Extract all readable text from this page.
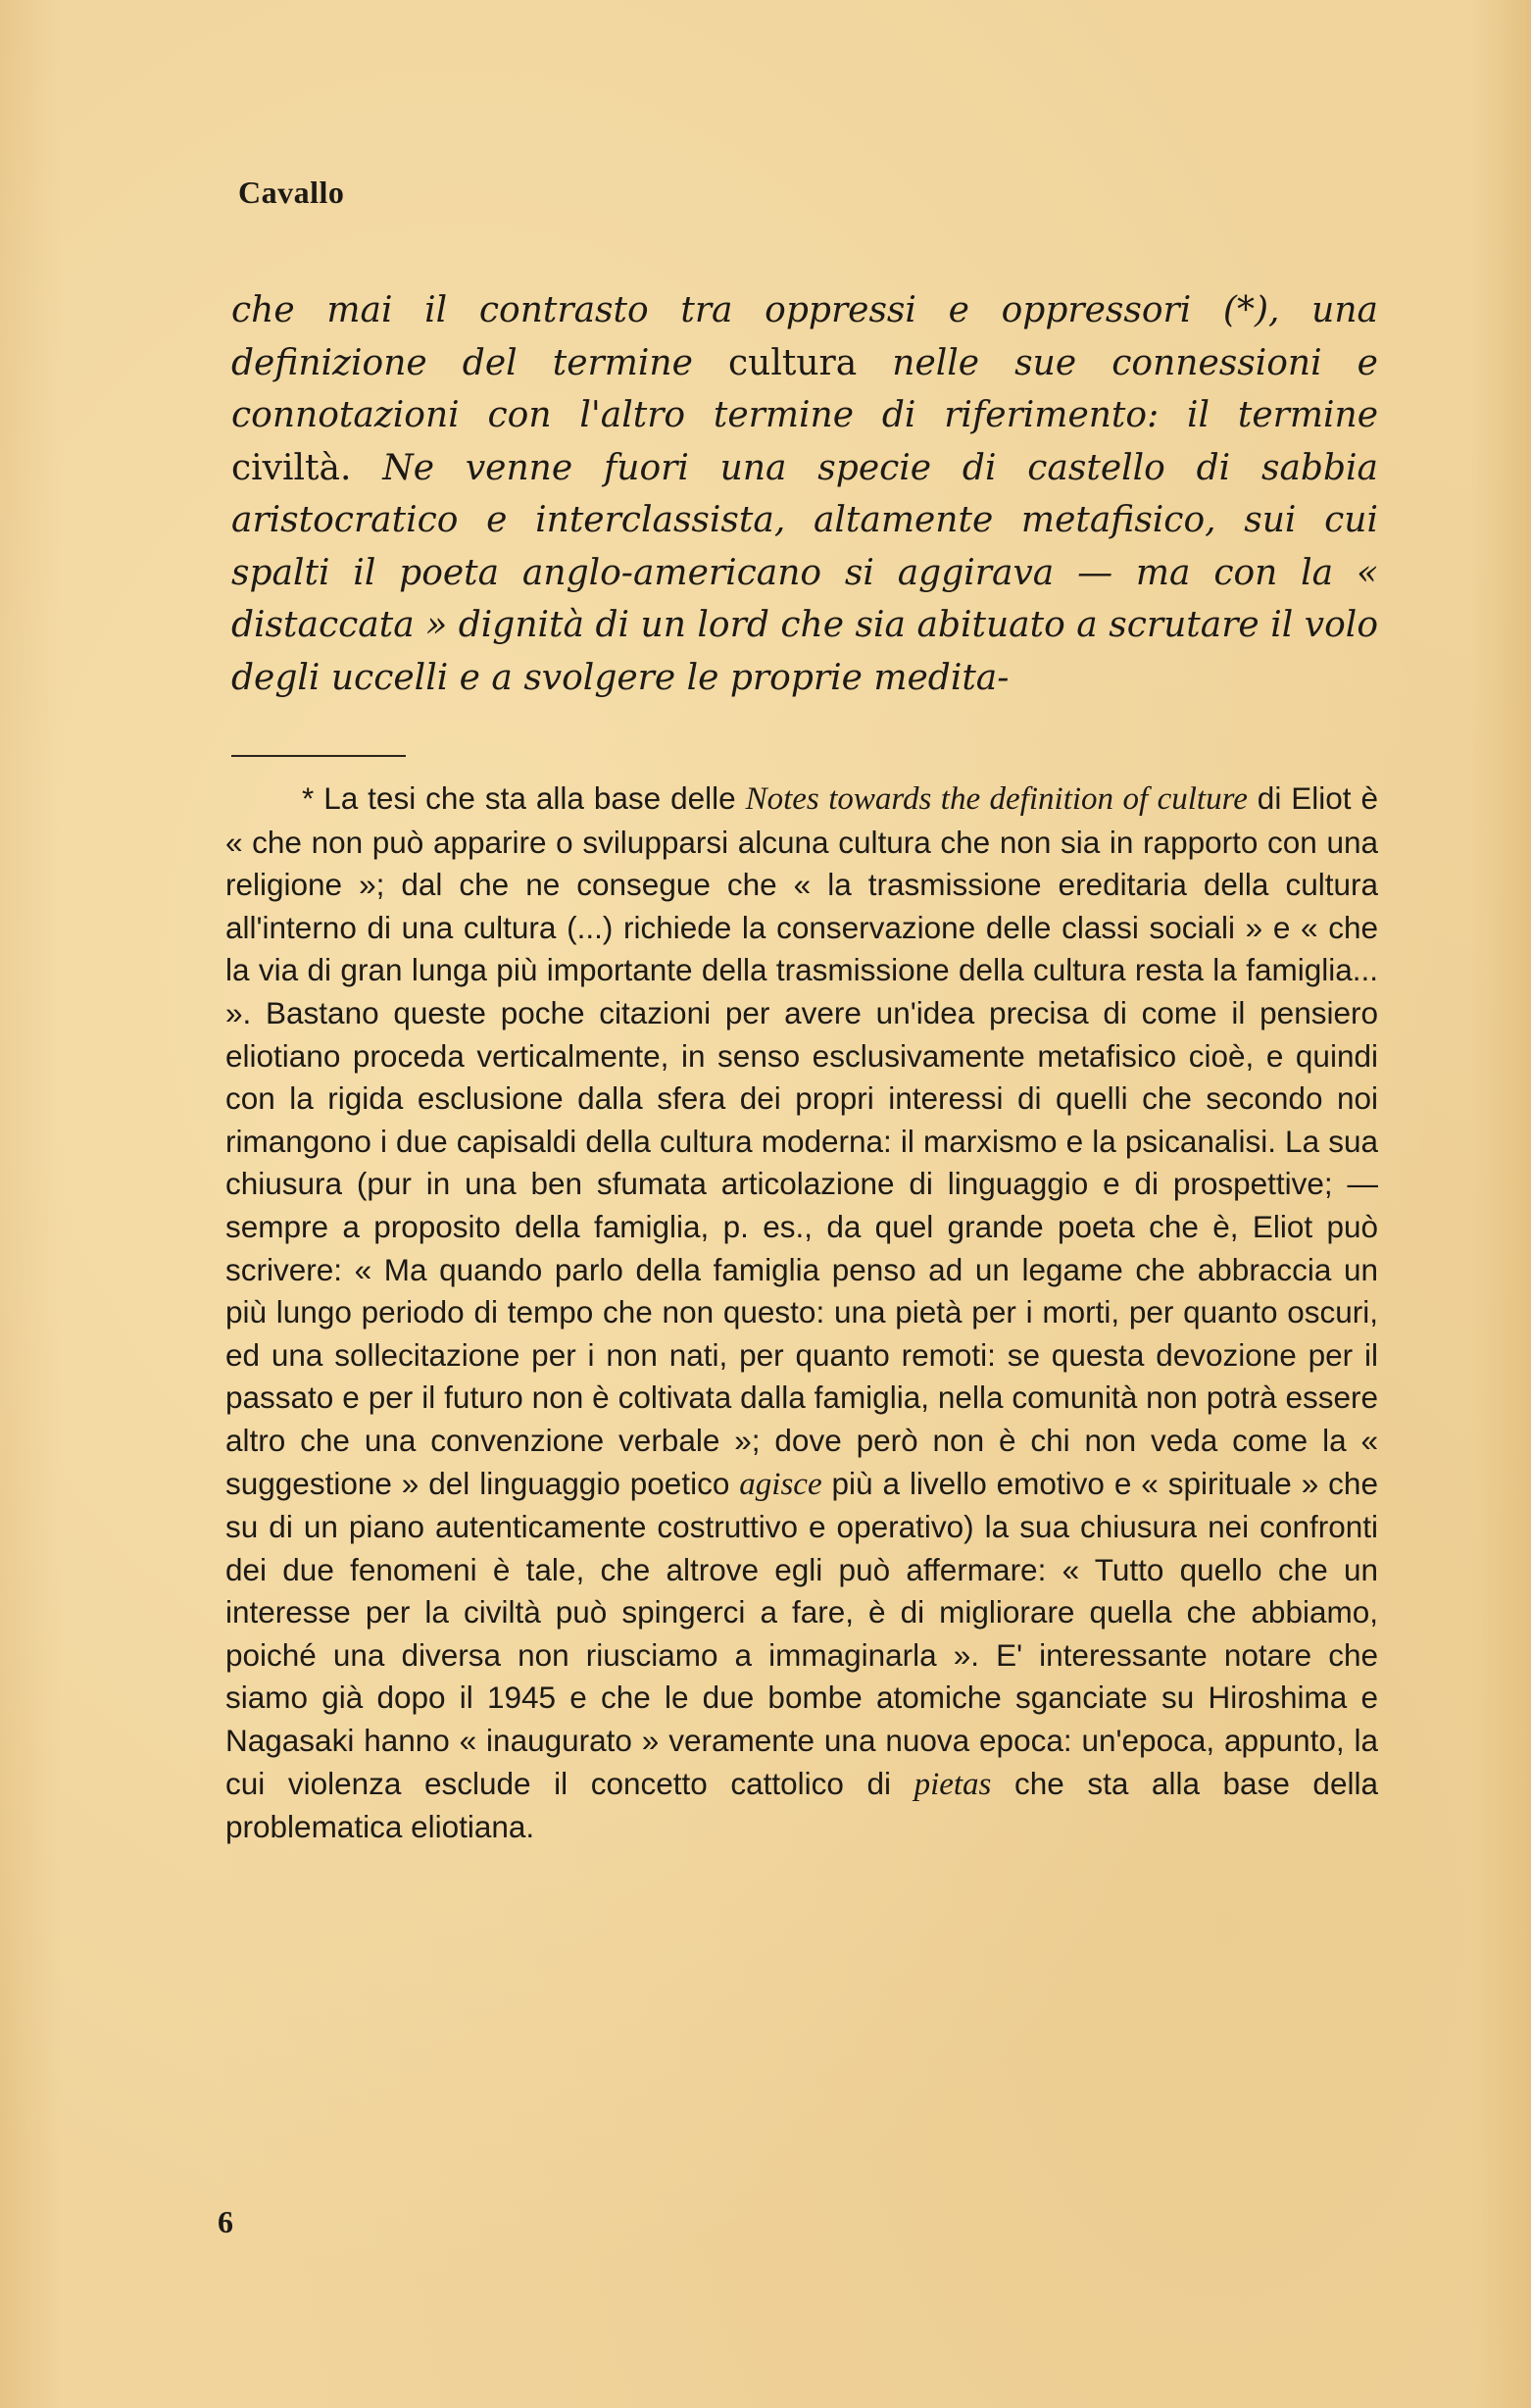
Cavallo

che mai il contrasto tra oppressi e oppressori (*), una definizione del termine cultura nelle sue connessioni e connotazioni con l'altro termine di riferimento: il termine civiltà. Ne venne fuori una specie di castello di sabbia aristocratico e interclassista, altamente metafisico, sui cui spalti il poeta anglo-americano si aggirava — ma con la « distaccata » dignità di un lord che sia abituato a scrutare il volo degli uccelli e a svolgere le proprie medita-

* La tesi che sta alla base delle Notes towards the definition of culture di Eliot è « che non può apparire o svilupparsi alcuna cultura che non sia in rapporto con una religione »; dal che ne consegue che « la trasmissione ereditaria della cultura all'interno di una cultura (...) richiede la conservazione delle classi sociali » e « che la via di gran lunga più importante della trasmissione della cultura resta la famiglia... ». Bastano queste poche citazioni per avere un'idea precisa di come il pensiero eliotiano proceda verticalmente, in senso esclusivamente metafisico cioè, e quindi con la rigida esclusione dalla sfera dei propri interessi di quelli che secondo noi rimangono i due capisaldi della cultura moderna: il marxismo e la psicanalisi. La sua chiusura (pur in una ben sfumata articolazione di linguaggio e di prospettive; — sempre a proposito della famiglia, p. es., da quel grande poeta che è, Eliot può scrivere: « Ma quando parlo della famiglia penso ad un legame che abbraccia un più lungo periodo di tempo che non questo: una pietà per i morti, per quanto oscuri, ed una sollecitazione per i non nati, per quanto remoti: se questa devozione per il passato e per il futuro non è coltivata dalla famiglia, nella comunità non potrà essere altro che una convenzione verbale »; dove però non è chi non veda come la « suggestione » del linguaggio poetico agisce più a livello emotivo e « spirituale » che su di un piano autenticamente costruttivo e operativo) la sua chiusura nei confronti dei due fenomeni è tale, che altrove egli può affermare: « Tutto quello che un interesse per la civiltà può spingerci a fare, è di migliorare quella che abbiamo, poiché una diversa non riusciamo a immaginarla ». E' interessante notare che siamo già dopo il 1945 e che le due bombe atomiche sganciate su Hiroshima e Nagasaki hanno « inaugurato » veramente una nuova epoca: un'epoca, appunto, la cui violenza esclude il concetto cattolico di pietas che sta alla base della problematica eliotiana.

6
